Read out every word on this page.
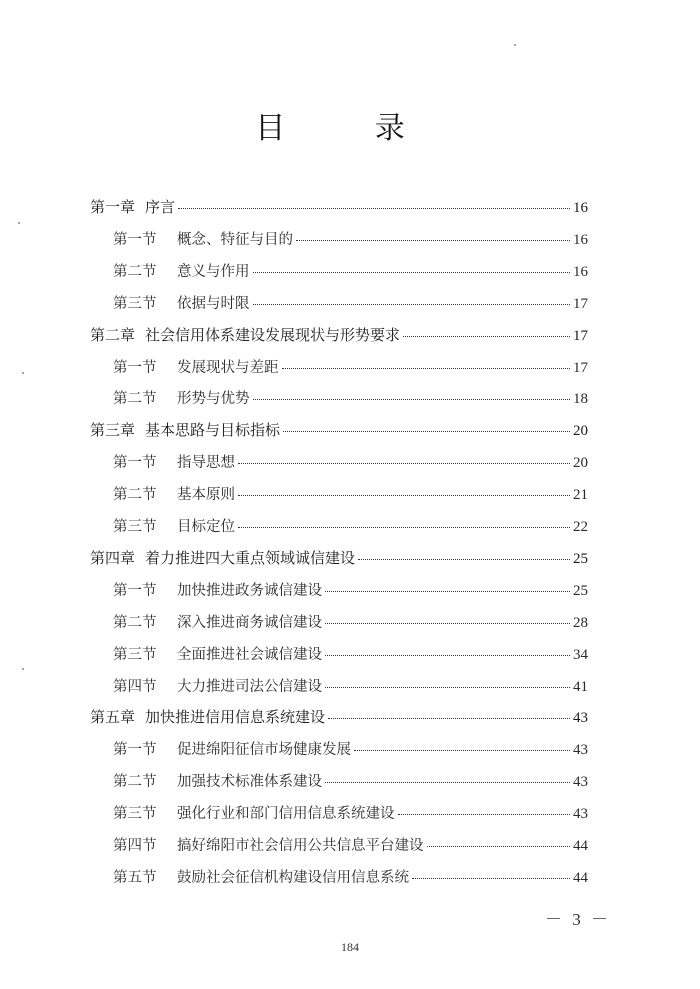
目 录
第一章 序言	16
第一节	概念、特征与目的	16
第二节	意义与作用	16
第三节	依据与时限	17
第二章 社会信用体系建设发展现状与形势要求	17
第一节	发展现状与差距	17
第二节	形势与优势	18
第三章 基本思路与目标指标	20
第一节	指导思想	20
第二节	基本原则	21
第三节	目标定位	22
第四章 着力推进四大重点领域诚信建设	25
第一节	加快推进政务诚信建设	25
第二节	深入推进商务诚信建设	28
第三节	全面推进社会诚信建设	34
第四节	大力推进司法公信建设	41
第五章 加快推进信用信息系统建设	43
第一节	促进绵阳征信市场健康发展	43
第二节	加强技术标准体系建设	43
第三节	强化行业和部门信用信息系统建设	43
第四节	搞好绵阳市社会信用公共信息平台建设	44
第五节	鼓励社会征信机构建设信用信息系统	44
－ 3 －
184
